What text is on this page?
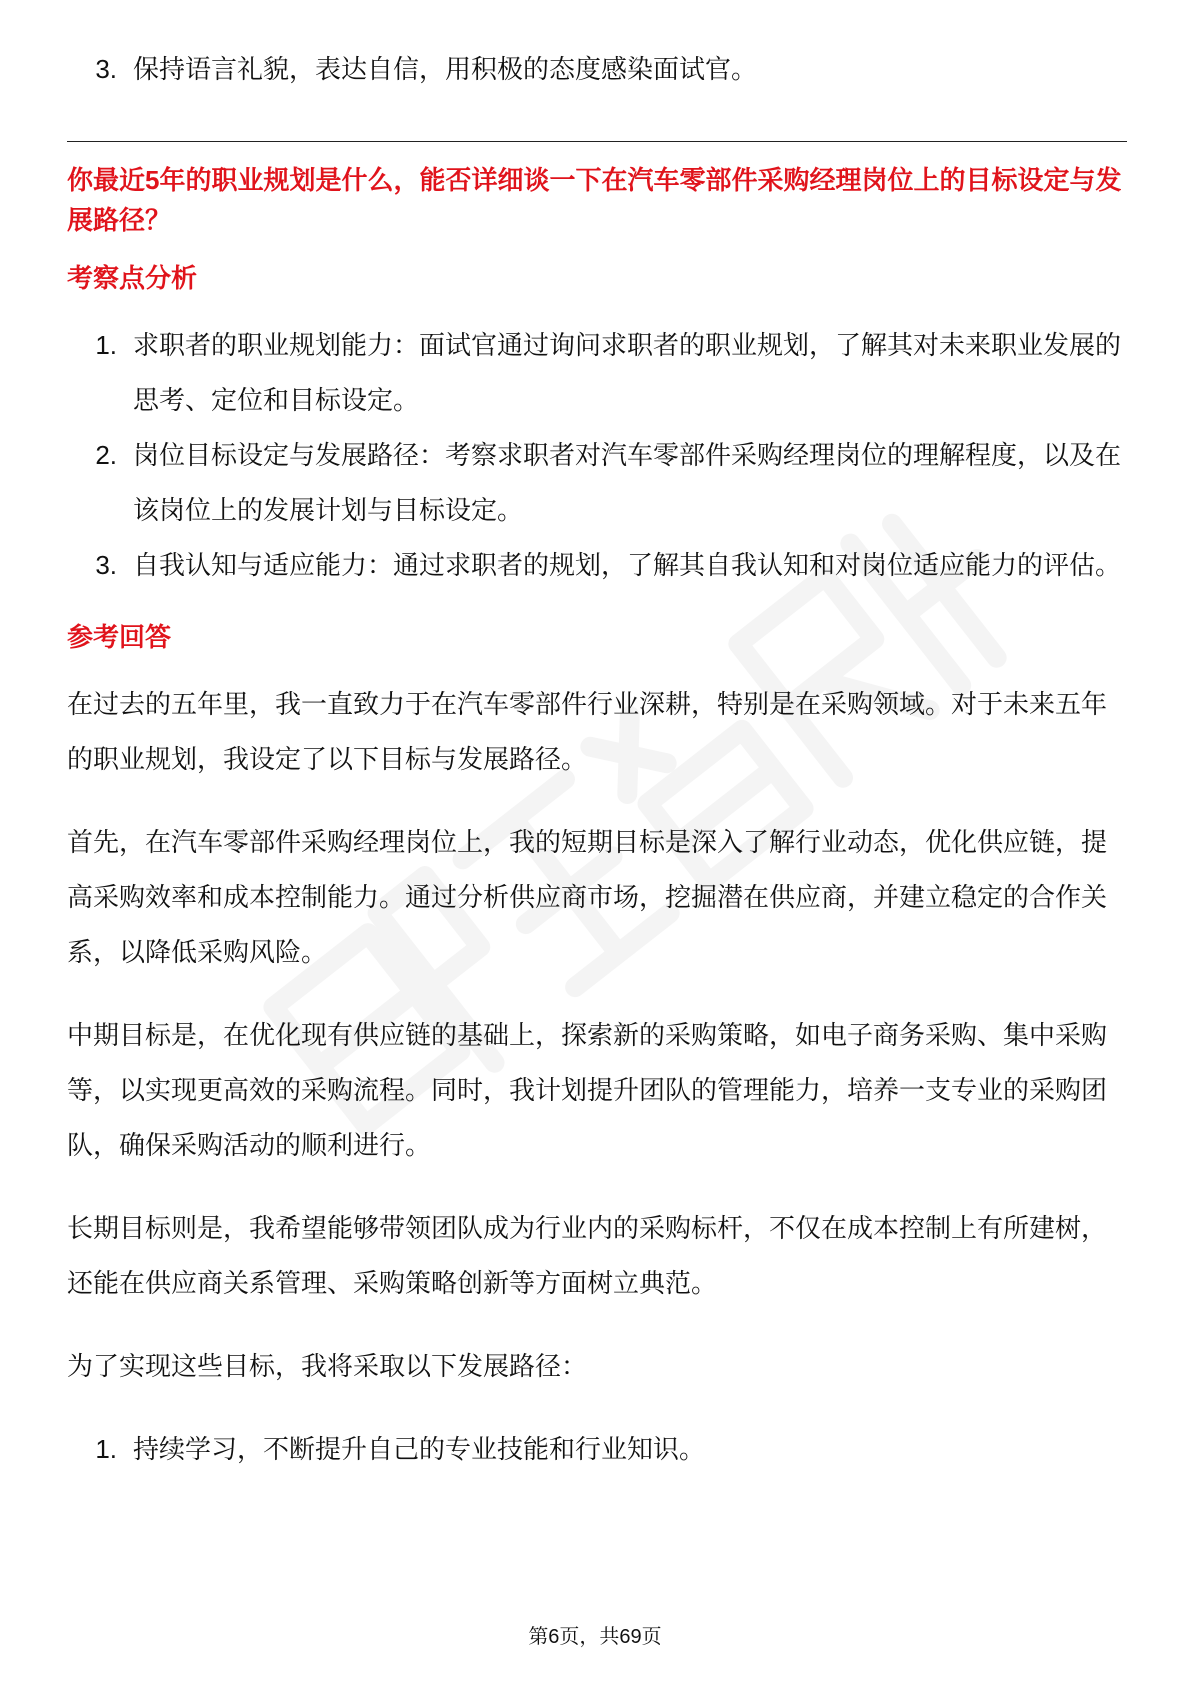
3. 保持语言礼貌，表达自信，用积极的态度感染面试官。

你最近5年的职业规划是什么，能否详细谈一下在汽车零部件采购经理岗位上的目标设定与发展路径？

考察点分析

1. 求职者的职业规划能力：面试官通过询问求职者的职业规划，了解其对未来职业发展的思考、定位和目标设定。
2. 岗位目标设定与发展路径：考察求职者对汽车零部件采购经理岗位的理解程度，以及在该岗位上的发展计划与目标设定。
3. 自我认知与适应能力：通过求职者的规划，了解其自我认知和对岗位适应能力的评估。

参考回答

在过去的五年里，我一直致力于在汽车零部件行业深耕，特别是在采购领域。对于未来五年的职业规划，我设定了以下目标与发展路径。

首先，在汽车零部件采购经理岗位上，我的短期目标是深入了解行业动态，优化供应链，提高采购效率和成本控制能力。通过分析供应商市场，挖掘潜在供应商，并建立稳定的合作关系，以降低采购风险。

中期目标是，在优化现有供应链的基础上，探索新的采购策略，如电子商务采购、集中采购等，以实现更高效的采购流程。同时，我计划提升团队的管理能力，培养一支专业的采购团队，确保采购活动的顺利进行。

长期目标则是，我希望能够带领团队成为行业内的采购标杆，不仅在成本控制上有所建树，还能在供应商关系管理、采购策略创新等方面树立典范。

为了实现这些目标，我将采取以下发展路径：

1. 持续学习，不断提升自己的专业技能和行业知识。
第6页，共69页
